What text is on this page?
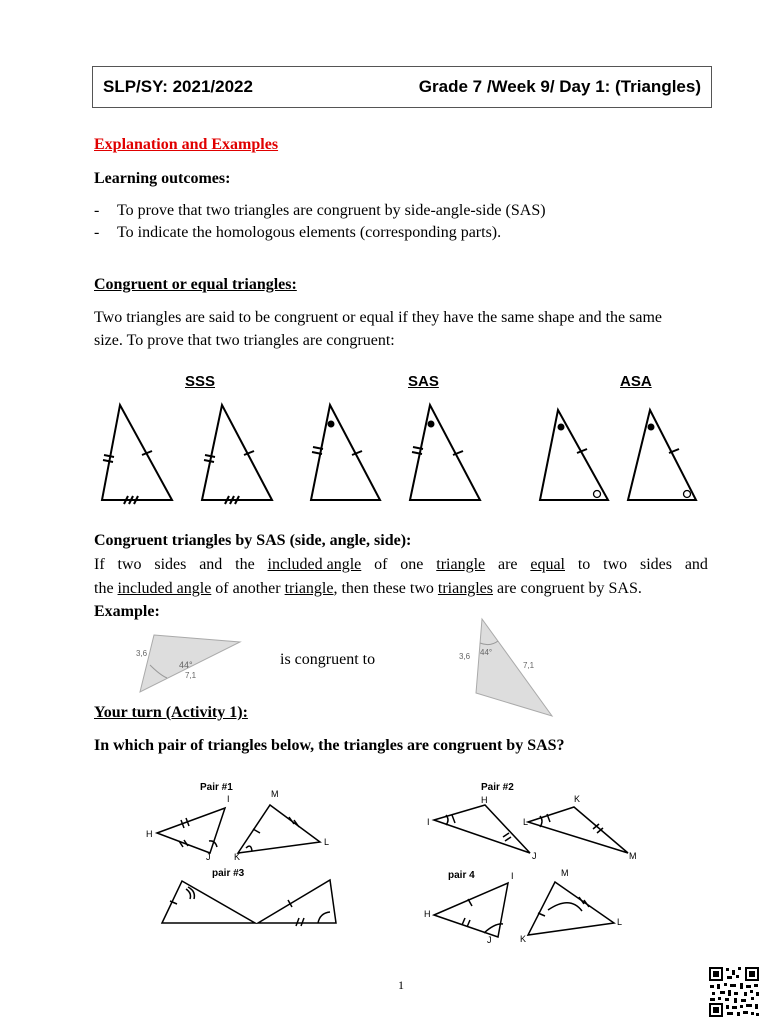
SLP/SY: 2021/2022	Grade 7 /Week 9/ Day 1: (Triangles)
Explanation and Examples
Learning outcomes:
- To prove that two triangles are congruent by side-angle-side (SAS)
- To indicate the homologous elements (corresponding parts).
Congruent or equal triangles:
Two triangles are said to be congruent or equal if they have the same shape and the same
size. To prove that two triangles are congruent:
SSS	SAS	ASA
Congruent triangles by SAS (side, angle, side):
If two sides and the included angle of one triangle are equal to two sides and
the included angle of another triangle, then these two triangles are congruent by SAS.
Example:
3,6
44°
7,1
is congruent to	3,6 44°
7,1
Your turn (Activity 1):
In which pair of triangles below, the triangles are congruent by SAS?
Pair #1	Pair #2
pair #3	pair 4
H
I
J
M
K
L
I
H
J
K
L
M
H
I
J
M
K
L
1
